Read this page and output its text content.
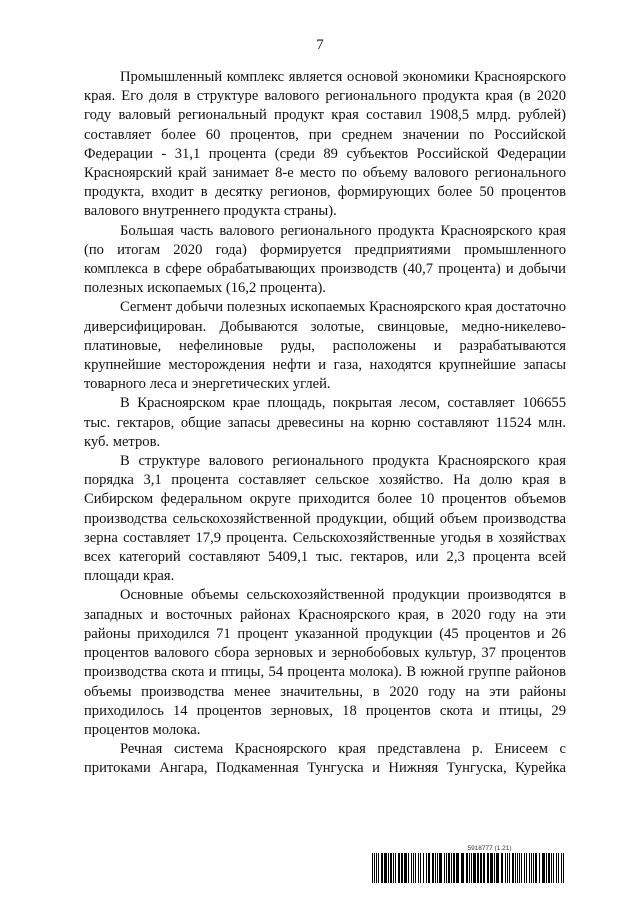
7

Промышленный комплекс является основой экономики Красноярского края. Его доля в структуре валового регионального продукта края (в 2020 году валовый региональный продукт края составил 1908,5 млрд. рублей) составляет более 60 процентов, при среднем значении по Российской Федерации - 31,1 процента (среди 89 субъектов Российской Федерации Красноярский край занимает 8-е место по объему валового регионального продукта, входит в десятку регионов, формирующих более 50 процентов валового внутреннего продукта страны).

Большая часть валового регионального продукта Красноярского края (по итогам 2020 года) формируется предприятиями промышленного комплекса в сфере обрабатывающих производств (40,7 процента) и добычи полезных ископаемых (16,2 процента).

Сегмент добычи полезных ископаемых Красноярского края достаточно диверсифицирован. Добываются золотые, свинцовые, медно-никелево-платиновые, нефелиновые руды, расположены и разрабатываются крупнейшие месторождения нефти и газа, находятся крупнейшие запасы товарного леса и энергетических углей.

В Красноярском крае площадь, покрытая лесом, составляет 106655 тыс. гектаров, общие запасы древесины на корню составляют 11524 млн. куб. метров.

В структуре валового регионального продукта Красноярского края порядка 3,1 процента составляет сельское хозяйство. На долю края в Сибирском федеральном округе приходится более 10 процентов объемов производства сельскохозяйственной продукции, общий объем производства зерна составляет 17,9 процента. Сельскохозяйственные угодья в хозяйствах всех категорий составляют 5409,1 тыс. гектаров, или 2,3 процента всей площади края.

Основные объемы сельскохозяйственной продукции производятся в западных и восточных районах Красноярского края, в 2020 году на эти районы приходился 71 процент указанной продукции (45 процентов и 26 процентов валового сбора зерновых и зернобобовых культур, 37 процентов производства скота и птицы, 54 процента молока). В южной группе районов объемы производства менее значительны, в 2020 году на эти районы приходилось 14 процентов зерновых, 18 процентов скота и птицы, 29 процентов молока.

Речная система Красноярского края представлена р. Енисеем с притоками Ангара, Подкаменная Тунгуска и Нижняя Тунгуска, Курейка

5918777 (1.21)
